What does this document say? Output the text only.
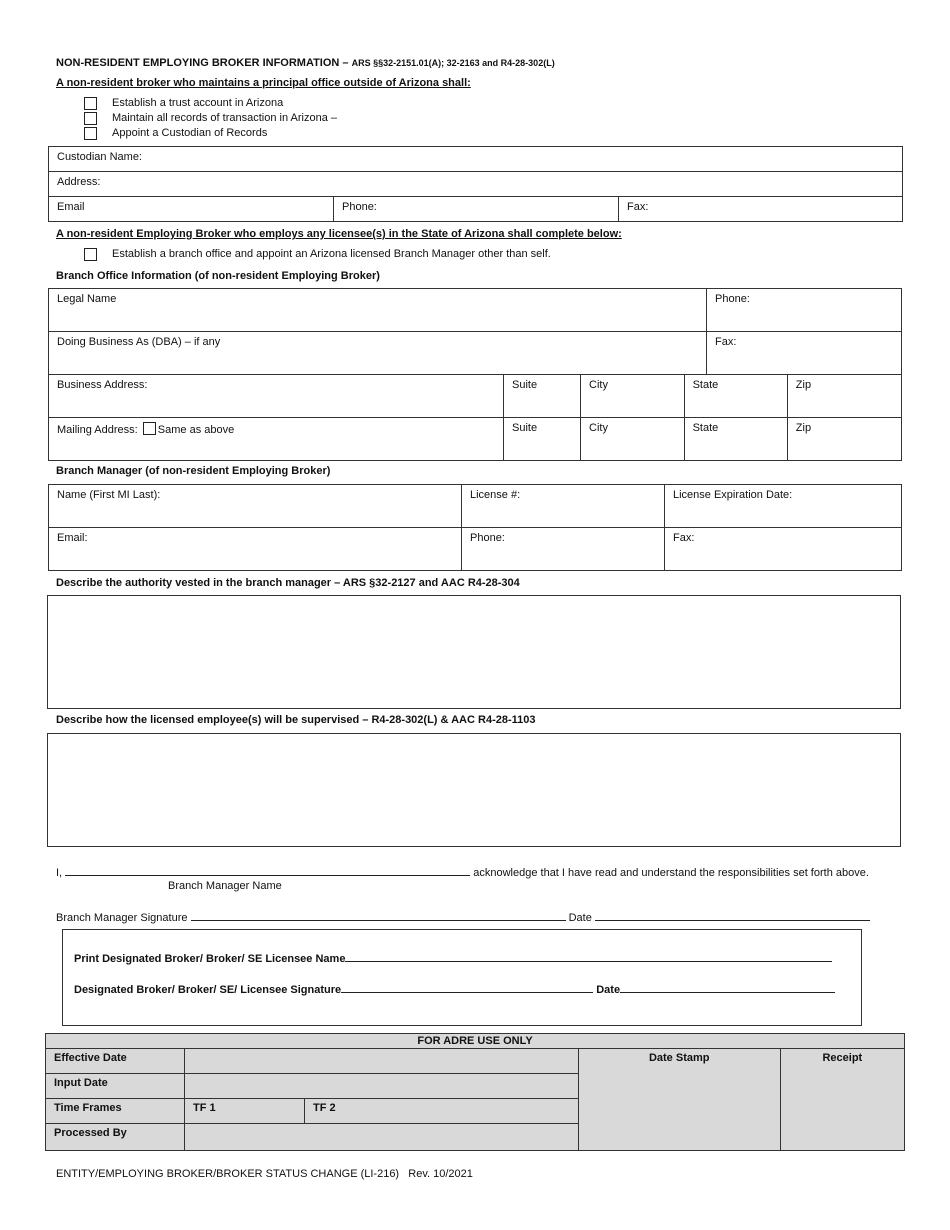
NON-RESIDENT EMPLOYING BROKER INFORMATION – ARS §§32-2151.01(A); 32-2163 and R4-28-302(L)
A non-resident broker who maintains a principal office outside of Arizona shall:
Establish a trust account in Arizona
Maintain all records of transaction in Arizona –
Appoint a Custodian of Records
Custodian Name:
Address:
Email	Phone:	Fax:
A non-resident Employing Broker who employs any licensee(s) in the State of Arizona shall complete below:
Establish a branch office and appoint an Arizona licensed Branch Manager other than self.
Branch Office Information (of non-resident Employing Broker)
Legal Name				Phone:	
Doing Business As (DBA) – if any				Fax:	
Business Address:	Suite	City	State		Zip
Mailing Address: Same as above	Suite	City	State		Zip
Branch Manager (of non-resident Employing Broker)
Name (First MI Last):	License #:	License Expiration Date:
Email:	Phone:	Fax:
Describe the authority vested in the branch manager – ARS §32-2127 and AAC R4-28-304
Describe how the licensed employee(s) will be supervised – R4-28-302(L) & AAC R4-28-1103
I,	acknowledge that I have read and understand the responsibilities set forth above.
Branch Manager Name
Branch Manager Signature	Date
Print Designated Broker/ Broker/ SE Licensee Name
Designated Broker/ Broker/ SE/ Licensee Signature	Date
FOR ADRE USE ONLY				
Effective Date			Date Stamp	Receipt
Input Date				
Time Frames	TF 1	TF 2		
Processed By				
ENTITY/EMPLOYING BROKER/BROKER STATUS CHANGE (LI-216)   Rev. 10/2021
